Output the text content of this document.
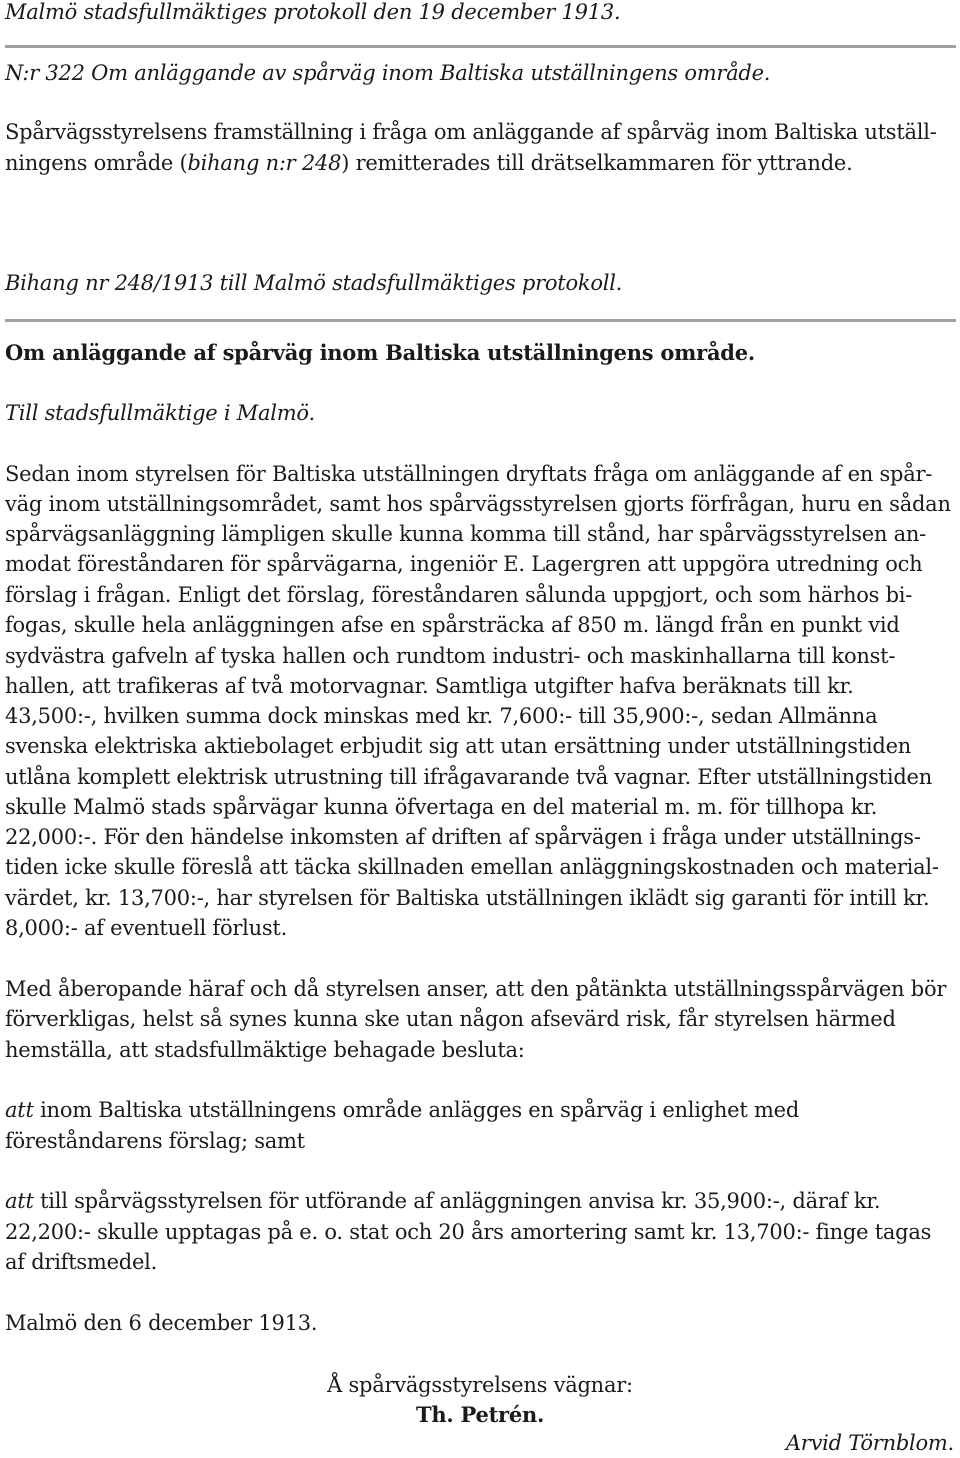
Malmö stadsfullmäktiges protokoll den 19 december 1913.
N:r 322 Om anläggande av spårväg inom Baltiska utställningens område.
Spårvägsstyrelsens framställning i fråga om anläggande af spårväg inom Baltiska utställ-
ningens område (bihang n:r 248) remitterades till drätselkammaren för yttrande.
Bihang nr 248/1913 till Malmö stadsfullmäktiges protokoll.
Om anläggande af spårväg inom Baltiska utställningens område.
Till stadsfullmäktige i Malmö.
Sedan inom styrelsen för Baltiska utställningen dryftats fråga om anläggande af en spår-
väg inom utställningsområdet, samt hos spårvägsstyrelsen gjorts förfrågan, huru en sådan
spårvägsanläggning lämpligen skulle kunna komma till stånd, har spårvägsstyrelsen an-
modat föreståndaren för spårvägarna, ingeniör E. Lagergren att uppgöra utredning och
förslag i frågan. Enligt det förslag, föreståndaren sålunda uppgjort, och som härhos bi-
fogas, skulle hela anläggningen afse en spårsträcka af 850 m. längd från en punkt vid
sydvästra gafveln af tyska hallen och rundtom industri- och maskinhallarna till konst-
hallen, att trafikeras af två motorvagnar. Samtliga utgifter hafva beräknats till kr.
43,500:-, hvilken summa dock minskas med kr. 7,600:- till 35,900:-, sedan Allmänna
svenska elektriska aktiebolaget erbjudit sig att utan ersättning under utställningstiden
utlåna komplett elektrisk utrustning till ifrågavarande två vagnar. Efter utställningstiden
skulle Malmö stads spårvägar kunna öfvertaga en del material m. m. för tillhopa kr.
22,000:-. För den händelse inkomsten af driften af spårvägen i fråga under utställnings-
tiden icke skulle föreslå att täcka skillnaden emellan anläggningskostnaden och material-
värdet, kr. 13,700:-, har styrelsen för Baltiska utställningen iklädt sig garanti för intill kr.
8,000:- af eventuell förlust.
Med åberopande häraf och då styrelsen anser, att den påtänkta utställningsspårvägen bör
förverkligas, helst så synes kunna ske utan någon afsevärd risk, får styrelsen härmed
hemställa, att stadsfullmäktige behagade besluta:
att inom Baltiska utställningens område anlägges en spårväg i enlighet med
föreståndarens förslag; samt
att till spårvägsstyrelsen för utförande af anläggningen anvisa kr. 35,900:-, däraf kr.
22,200:- skulle upptagas på e. o. stat och 20 års amortering samt kr. 13,700:- finge tagas
af driftsmedel.
Malmö den 6 december 1913.
Å spårvägsstyrelsens vägnar:
Th. Petrén.
Arvid Törnblom.
